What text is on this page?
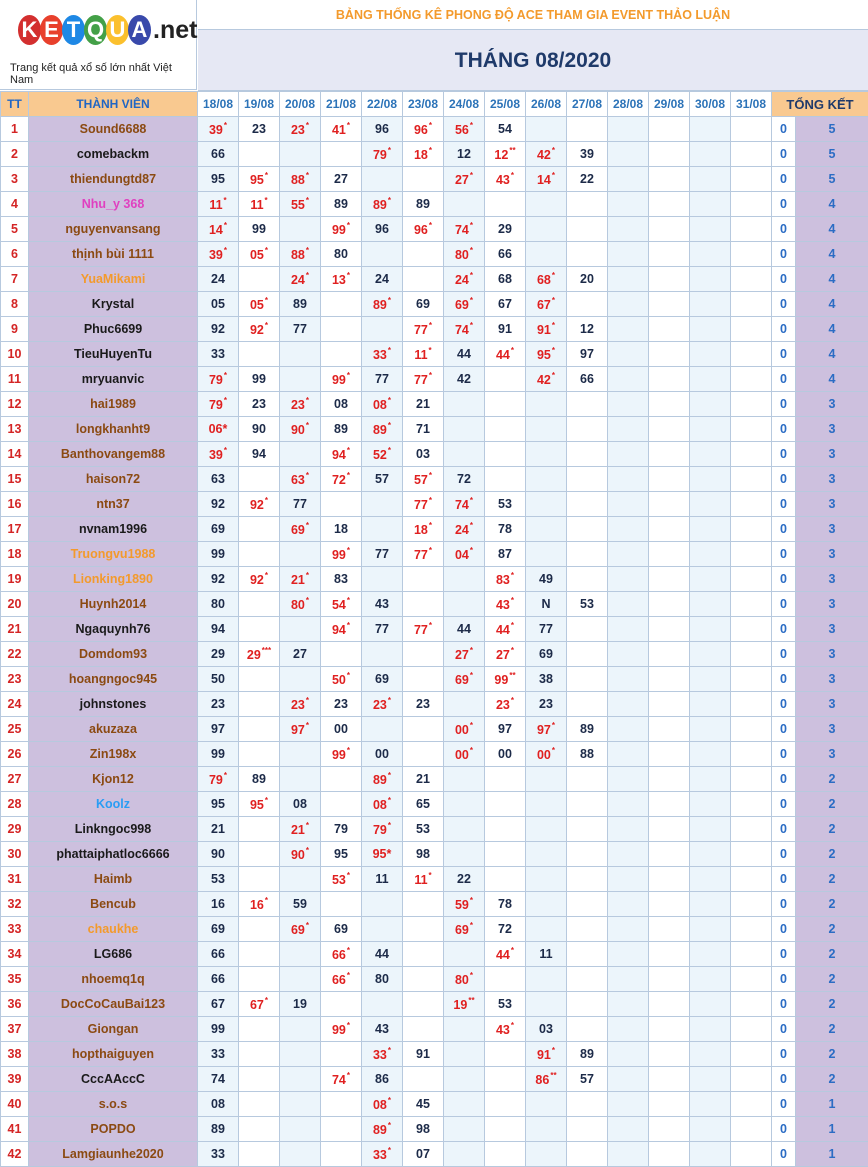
K E T Q U A .net
Trang kết quả xổ số lớn nhất Việt Nam
BẢNG THỐNG KÊ PHONG ĐỘ ACE THAM GIA EVENT THẢO LUẬN
THÁNG 08/2020
TT	THÀNH VIÊN	18/08	19/08	20/08	21/08	22/08	23/08	24/08	25/08	26/08	27/08	28/08	29/08	30/08	31/08	TỔNG KẾT	
1	Sound6688	39*	23	23*	41*	96	96*	56*	54							0	5
2	comebackm	66				79*	18*	12	12**	42*	39					0	5
3	thiendungtd87	95	95*	88*	27			27*	43*	14*	22					0	5
4	Nhu_y 368	11*	11*	55*	89	89*	89									0	4
5	nguyenvansang	14*	99		99*	96	96*	74*	29							0	4
6	thịnh bùi 1111	39*	05*	88*	80			80*	66							0	4
7	YuaMikami	24		24*	13*	24		24*	68	68*	20					0	4
8	Krystal	05	05*	89		89*	69	69*	67	67*						0	4
9	Phuc6699	92	92*	77			77*	74*	91	91*	12					0	4
10	TieuHuyenTu	33				33*	11*	44	44*	95*	97					0	4
11	mryuanvic	79*	99		99*	77	77*	42		42*	66					0	4
12	hai1989	79*	23	23*	08	08*	21									0	3
13	longkhanht9	06*	90	90*	89	89*	71									0	3
14	Banthovangem88	39*	94		94*	52*	03									0	3
15	haison72	63		63*	72*	57	57*	72								0	3
16	ntn37	92	92*	77			77*	74*	53							0	3
17	nvnam1996	69		69*	18		18*	24*	78							0	3
18	Truongvu1988	99			99*	77	77*	04*	87							0	3
19	Lionking1890	92	92*	21*	83				83*	49						0	3
20	Huynh2014	80		80*	54*	43			43*	N	53					0	3
21	Ngaquynh76	94			94*	77	77*	44	44*	77						0	3
22	Domdom93	29	29***	27				27*	27*	69						0	3
23	hoangngoc945	50			50*	69		69*	99**	38						0	3
24	johnstones	23		23*	23	23*	23		23*	23						0	3
25	akuzaza	97		97*	00			00*	97	97*	89					0	3
26	Zin198x	99			99*	00		00*	00	00*	88					0	3
27	Kjon12	79*	89			89*	21									0	2
28	Koolz	95	95*	08		08*	65									0	2
29	Linkngoc998	21		21*	79	79*	53									0	2
30	phattaiphatloc6666	90		90*	95	95*	98									0	2
31	Haimb	53			53*	11	11*	22								0	2
32	Bencub	16	16*	59				59*	78							0	2
33	chaukhe	69		69*	69			69*	72							0	2
34	LG686	66			66*	44			44*	11						0	2
35	nhoemq1q	66			66*	80		80*								0	2
36	DocCoCauBai123	67	67*	19				19**	53							0	2
37	Giongan	99			99*	43			43*	03						0	2
38	hopthaiguyen	33				33*	91			91*	89					0	2
39	CccAAccC	74			74*	86				86**	57					0	2
40	s.o.s	08				08*	45									0	1
41	POPDO	89				89*	98									0	1
42	Lamgiaunhe2020	33				33*	07									0	1
